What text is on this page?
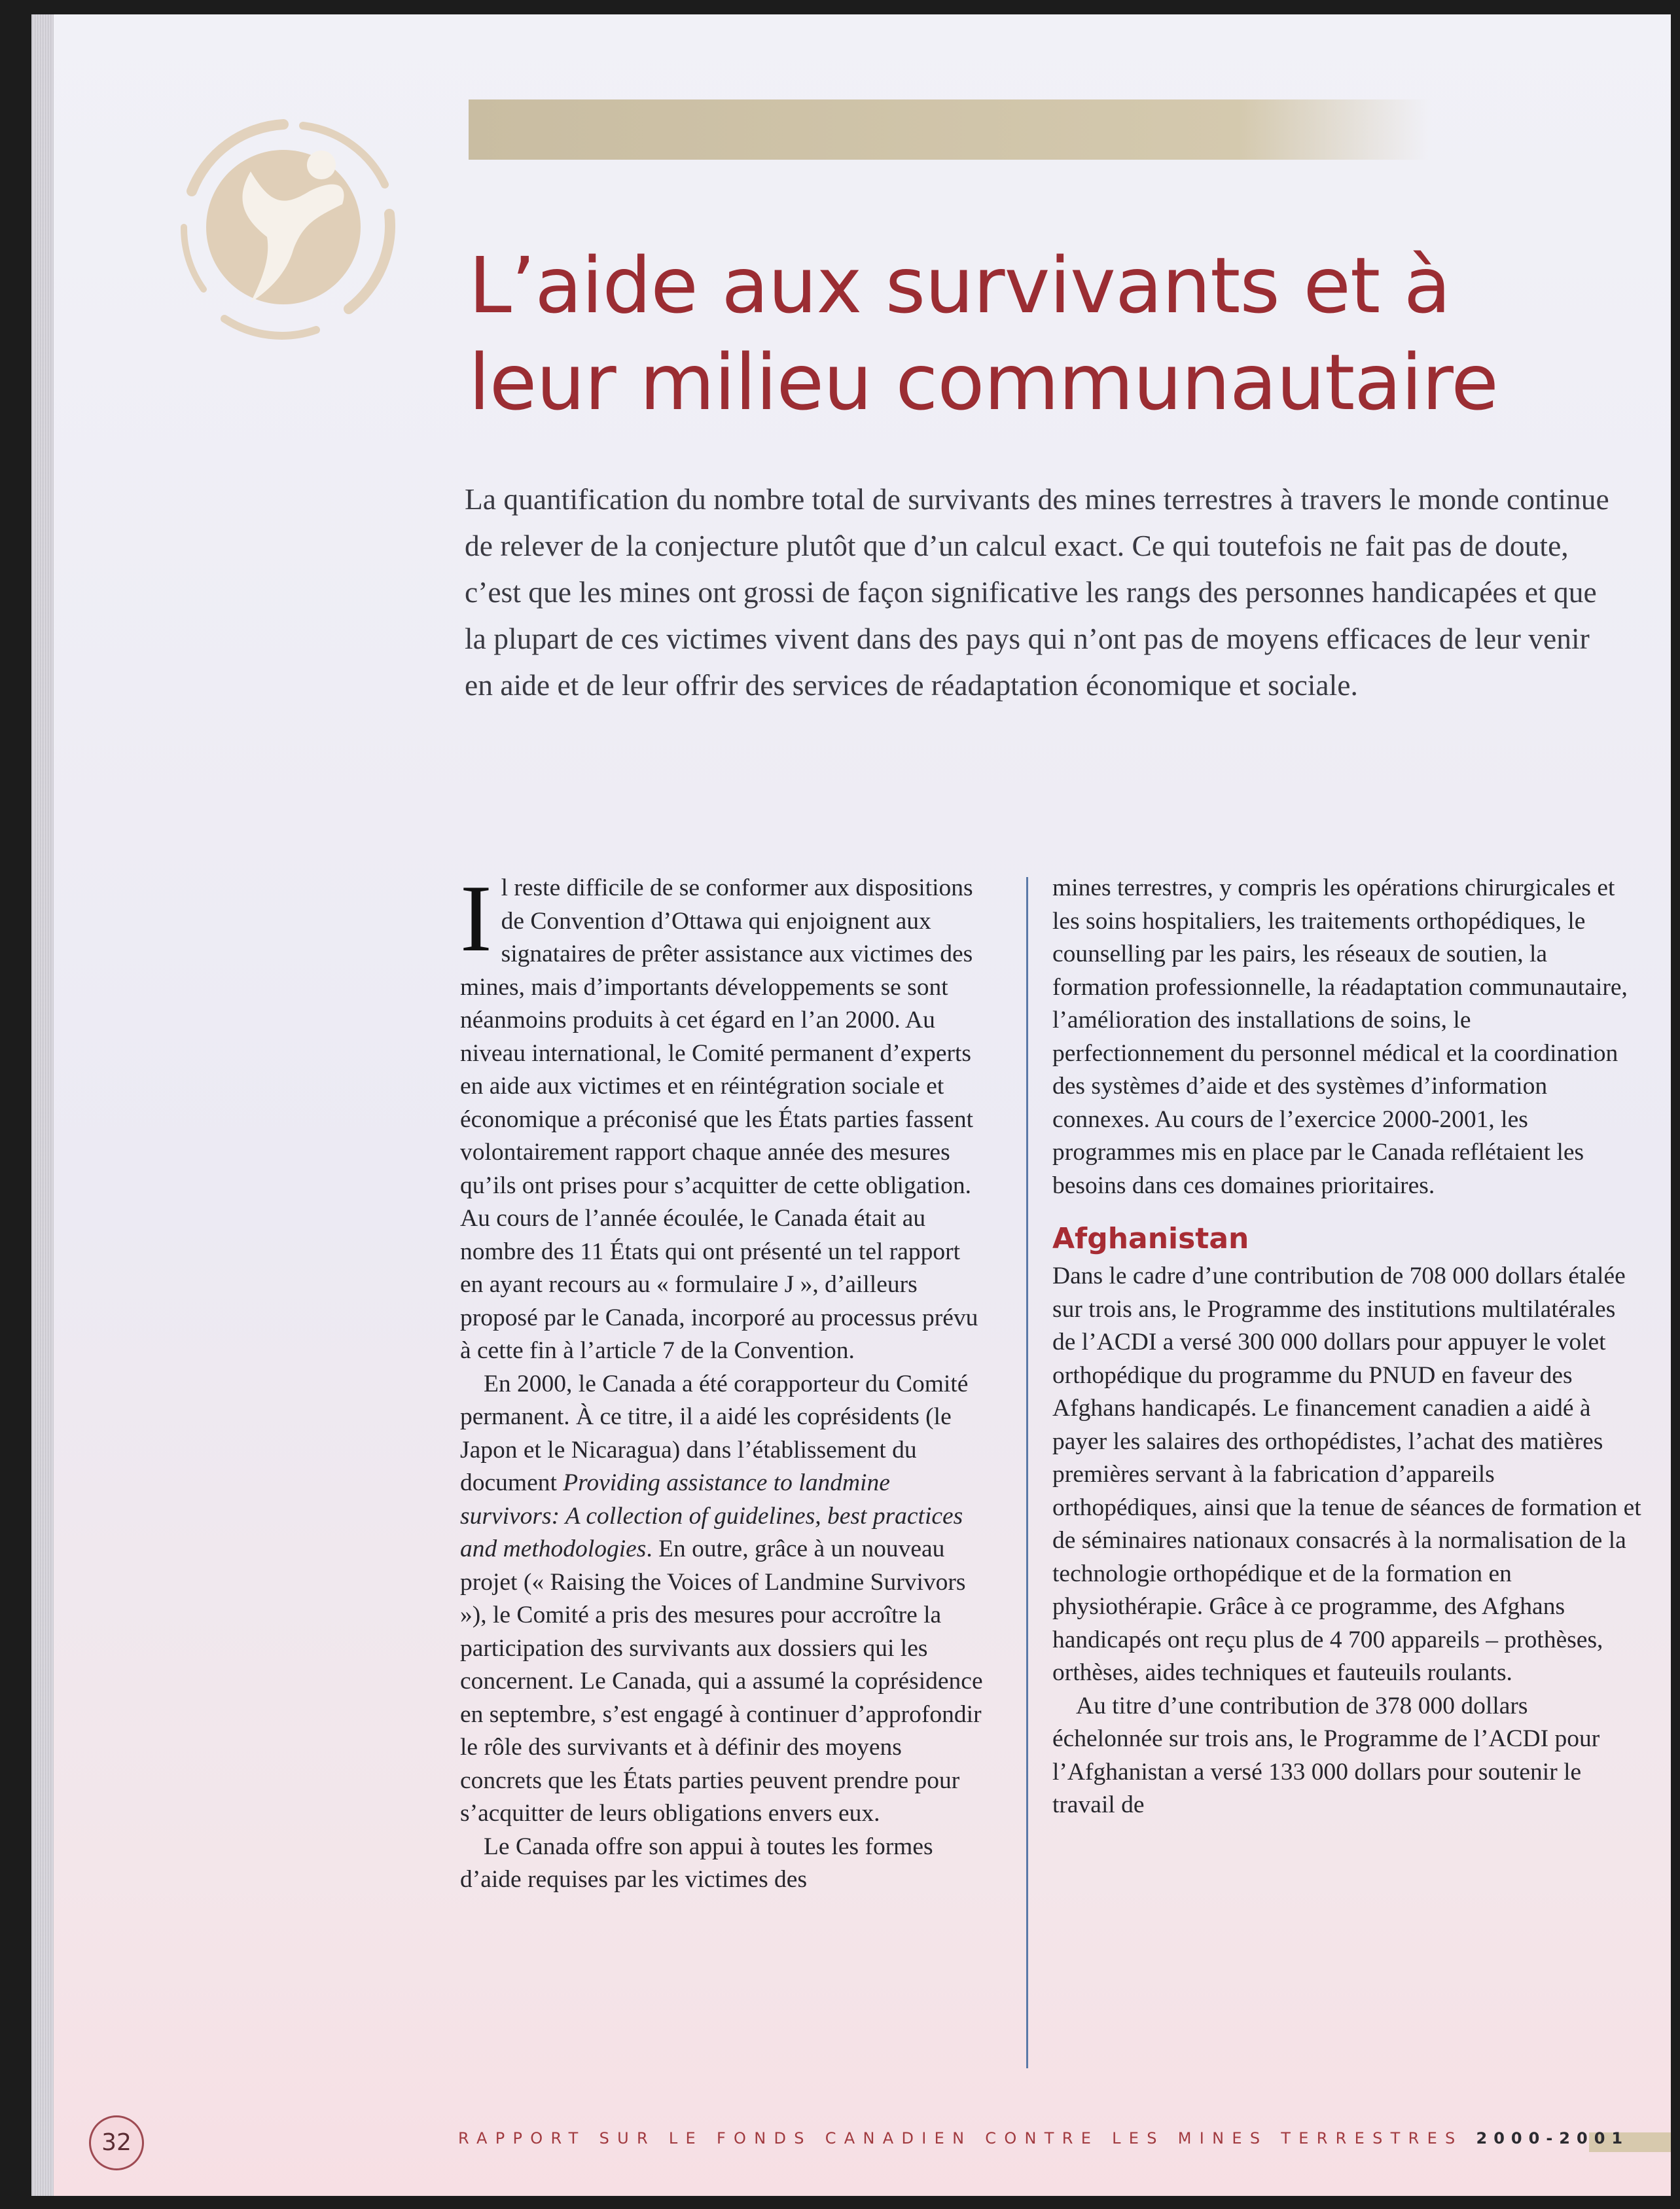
L’aide aux survivants et à leur milieu communautaire

La quantification du nombre total de survivants des mines terrestres à travers le monde continue de relever de la conjecture plutôt que d’un calcul exact. Ce qui toutefois ne fait pas de doute, c’est que les mines ont grossi de façon significative les rangs des personnes handicapées et que la plupart de ces victimes vivent dans des pays qui n’ont pas de moyens efficaces de leur venir en aide et de leur offrir des services de réadaptation économique et sociale.

Il reste difficile de se conformer aux dispositions de Convention d’Ottawa qui enjoignent aux signataires de prêter assistance aux victimes des mines, mais d’importants développements se sont néanmoins produits à cet égard en l’an 2000. Au niveau international, le Comité permanent d’experts en aide aux victimes et en réintégration sociale et économique a préconisé que les États parties fassent volontairement rapport chaque année des mesures qu’ils ont prises pour s’acquitter de cette obligation. Au cours de l’année écoulée, le Canada était au nombre des 11 États qui ont présenté un tel rapport en ayant recours au « formulaire J », d’ailleurs proposé par le Canada, incorporé au processus prévu à cette fin à l’article 7 de la Convention.

En 2000, le Canada a été corapporteur du Comité permanent. À ce titre, il a aidé les coprésidents (le Japon et le Nicaragua) dans l’établissement du document Providing assistance to landmine survivors: A collection of guidelines, best practices and methodologies. En outre, grâce à un nouveau projet (« Raising the Voices of Landmine Survivors »), le Comité a pris des mesures pour accroître la participation des survivants aux dossiers qui les concernent. Le Canada, qui a assumé la coprésidence en septembre, s’est engagé à continuer d’approfondir le rôle des survivants et à définir des moyens concrets que les États parties peuvent prendre pour s’acquitter de leurs obligations envers eux.

Le Canada offre son appui à toutes les formes d’aide requises par les victimes des

mines terrestres, y compris les opérations chirurgicales et les soins hospitaliers, les traitements orthopédiques, le counselling par les pairs, les réseaux de soutien, la formation professionnelle, la réadaptation communautaire, l’amélioration des installations de soins, le perfectionnement du personnel médical et la coordination des systèmes d’aide et des systèmes d’information connexes. Au cours de l’exercice 2000-2001, les programmes mis en place par le Canada reflétaient les besoins dans ces domaines prioritaires.

Afghanistan

Dans le cadre d’une contribution de 708 000 dollars étalée sur trois ans, le Programme des institutions multilatérales de l’ACDI a versé 300 000 dollars pour appuyer le volet orthopédique du programme du PNUD en faveur des Afghans handicapés. Le financement canadien a aidé à payer les salaires des orthopédistes, l’achat des matières premières servant à la fabrication d’appareils orthopédiques, ainsi que la tenue de séances de formation et de séminaires nationaux consacrés à la normalisation de la technologie orthopédique et de la formation en physiothérapie. Grâce à ce programme, des Afghans handicapés ont reçu plus de 4 700 appareils – prothèses, orthèses, aides techniques et fauteuils roulants.

Au titre d’une contribution de 378 000 dollars échelonnée sur trois ans, le Programme de l’ACDI pour l’Afghanistan a versé 133 000 dollars pour soutenir le travail de

32	RAPPORT SUR LE FONDS CANADIEN CONTRE LES MINES TERRESTRES 2000-2001
